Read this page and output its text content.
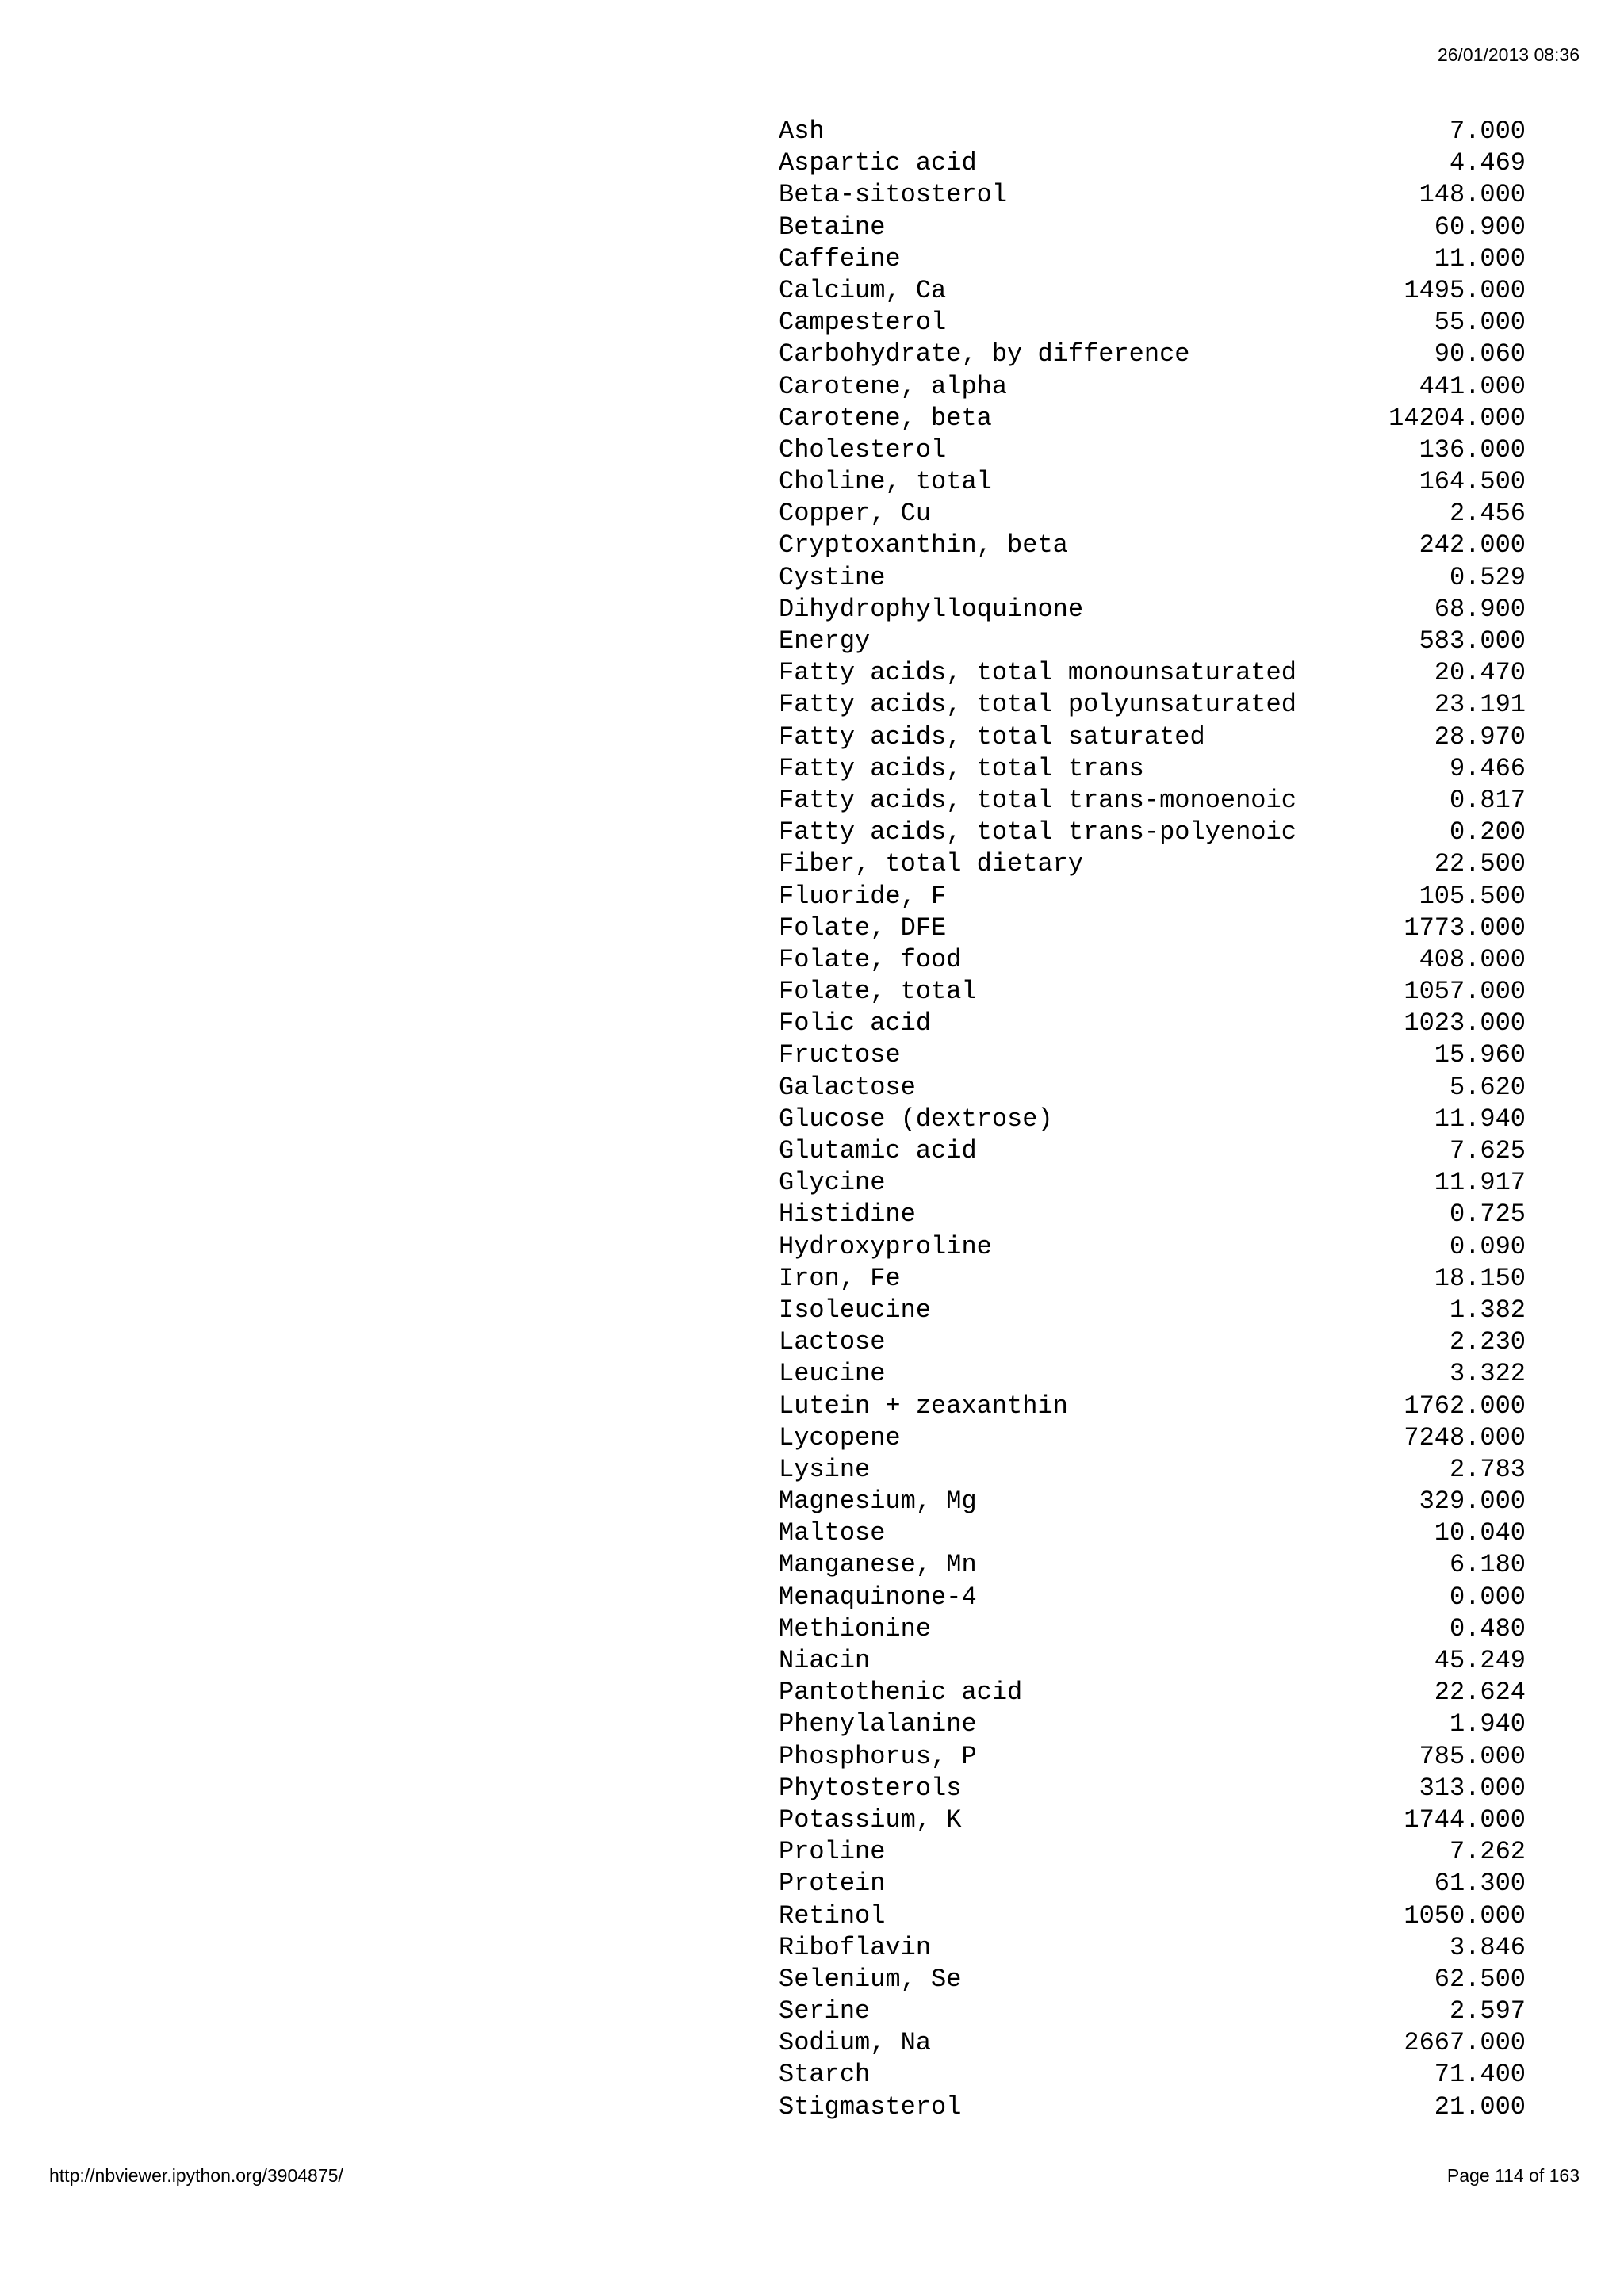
26/01/2013 08:36
Ash	7.000
Aspartic acid	4.469
Beta-sitosterol	148.000
Betaine	60.900
Caffeine	11.000
Calcium, Ca	1495.000
Campesterol	55.000
Carbohydrate, by difference	90.060
Carotene, alpha	441.000
Carotene, beta	14204.000
Cholesterol	136.000
Choline, total	164.500
Copper, Cu	2.456
Cryptoxanthin, beta	242.000
Cystine	0.529
Dihydrophylloquinone	68.900
Energy	583.000
Fatty acids, total monounsaturated	20.470
Fatty acids, total polyunsaturated	23.191
Fatty acids, total saturated	28.970
Fatty acids, total trans	9.466
Fatty acids, total trans-monoenoic	0.817
Fatty acids, total trans-polyenoic	0.200
Fiber, total dietary	22.500
Fluoride, F	105.500
Folate, DFE	1773.000
Folate, food	408.000
Folate, total	1057.000
Folic acid	1023.000
Fructose	15.960
Galactose	5.620
Glucose (dextrose)	11.940
Glutamic acid	7.625
Glycine	11.917
Histidine	0.725
Hydroxyproline	0.090
Iron, Fe	18.150
Isoleucine	1.382
Lactose	2.230
Leucine	3.322
Lutein + zeaxanthin	1762.000
Lycopene	7248.000
Lysine	2.783
Magnesium, Mg	329.000
Maltose	10.040
Manganese, Mn	6.180
Menaquinone-4	0.000
Methionine	0.480
Niacin	45.249
Pantothenic acid	22.624
Phenylalanine	1.940
Phosphorus, P	785.000
Phytosterols	313.000
Potassium, K	1744.000
Proline	7.262
Protein	61.300
Retinol	1050.000
Riboflavin	3.846
Selenium, Se	62.500
Serine	2.597
Sodium, Na	2667.000
Starch	71.400
Stigmasterol	21.000
http://nbviewer.ipython.org/3904875/	Page 114 of 163
